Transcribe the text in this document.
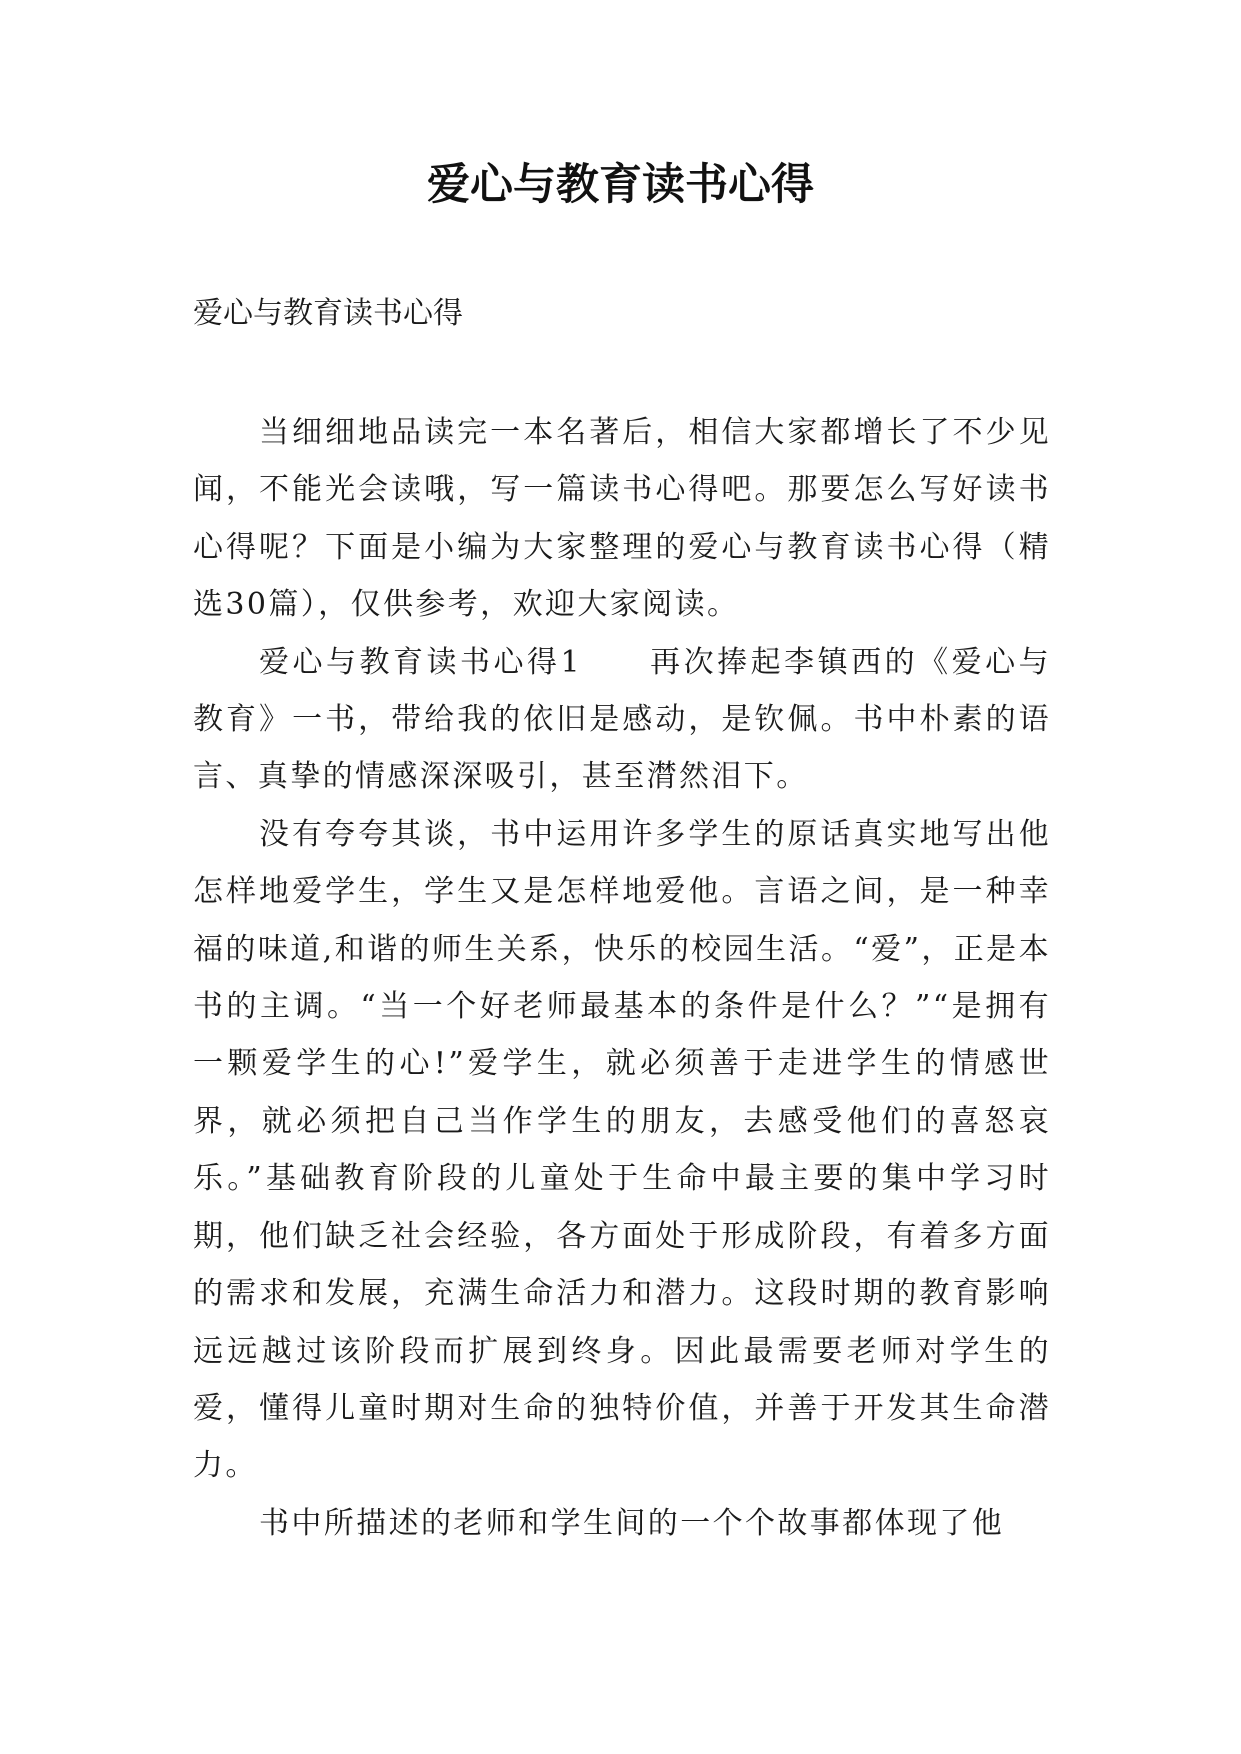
爱心与教育读书心得

爱心与教育读书心得

当细细地品读完一本名著后，相信大家都增长了不少见闻，不能光会读哦，写一篇读书心得吧。那要怎么写好读书心得呢？下面是小编为大家整理的爱心与教育读书心得（精选30篇），仅供参考，欢迎大家阅读。

爱心与教育读书心得1　　再次捧起李镇西的《爱心与教育》一书，带给我的依旧是感动，是钦佩。书中朴素的语言、真挚的情感深深吸引，甚至潸然泪下。

没有夸夸其谈，书中运用许多学生的原话真实地写出他怎样地爱学生，学生又是怎样地爱他。言语之间，是一种幸福的味道,和谐的师生关系，快乐的校园生活。“爱”，正是本书的主调。“当一个好老师最基本的条件是什么？”“是拥有一颗爱学生的心!”爱学生，就必须善于走进学生的情感世界，就必须把自己当作学生的朋友，去感受他们的喜怒哀乐。”基础教育阶段的儿童处于生命中最主要的集中学习时期，他们缺乏社会经验，各方面处于形成阶段，有着多方面的需求和发展，充满生命活力和潜力。这段时期的教育影响远远越过该阶段而扩展到终身。因此最需要老师对学生的爱，懂得儿童时期对生命的独特价值，并善于开发其生命潜力。

书中所描述的老师和学生间的一个个故事都体现了他
